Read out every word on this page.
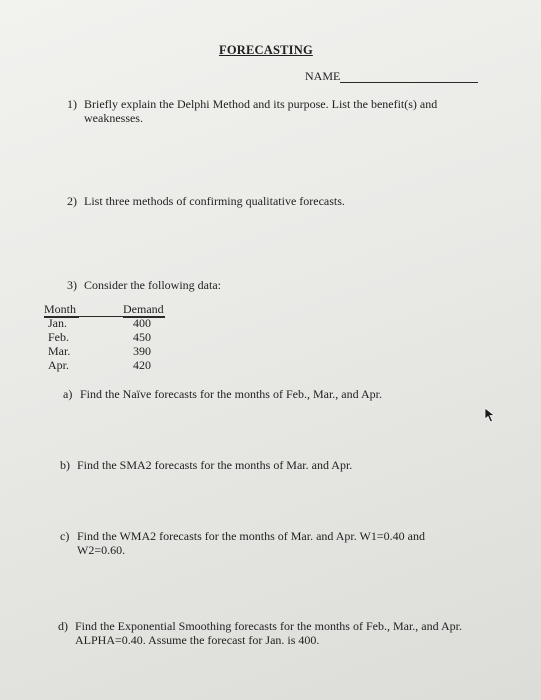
FORECASTING
NAME
1) Briefly explain the Delphi Method and its purpose. List the benefit(s) and
weaknesses.
2) List three methods of confirming qualitative forecasts.
3) Consider the following data:
Month	Demand
Jan.	400
Feb.	450
Mar.	390
Apr.	420
a) Find the Naïve forecasts for the months of Feb., Mar., and Apr.
b) Find the SMA2 forecasts for the months of Mar. and Apr.
c) Find the WMA2 forecasts for the months of Mar. and Apr. W1=0.40 and
W2=0.60.
d) Find the Exponential Smoothing forecasts for the months of Feb., Mar., and Apr.
ALPHA=0.40. Assume the forecast for Jan. is 400.
